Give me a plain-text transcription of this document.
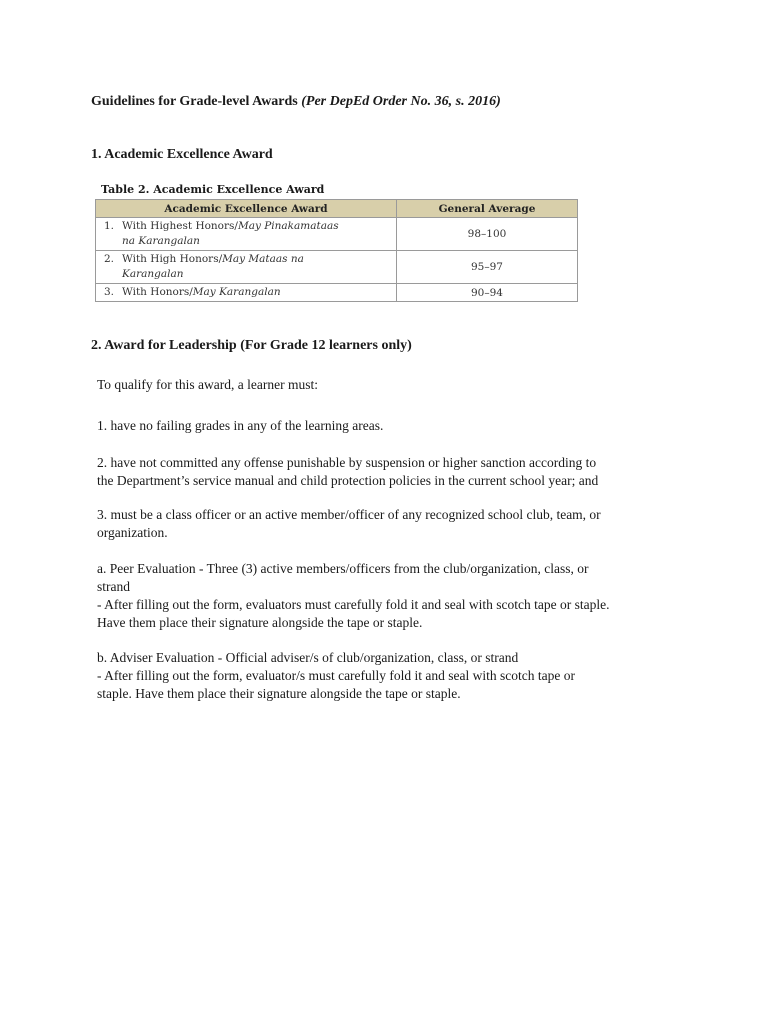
Guidelines for Grade-level Awards (Per DepEd Order No. 36, s. 2016)
1. Academic Excellence Award
Table 2. Academic Excellence Award
Academic Excellence Award	General Average
1. With Highest Honors/May Pinakamataas
na Karangalan	98–100
2. With High Honors/May Mataas na
Karangalan	95–97
3. With Honors/May Karangalan	90–94
2. Award for Leadership (For Grade 12 learners only)
To qualify for this award, a learner must:
1. have no failing grades in any of the learning areas.
2. have not committed any offense punishable by suspension or higher sanction according to
the Department’s service manual and child protection policies in the current school year; and
3. must be a class officer or an active member/officer of any recognized school club, team, or
organization.
a. Peer Evaluation - Three (3) active members/officers from the club/organization, class, or
strand
- After filling out the form, evaluators must carefully fold it and seal with scotch tape or staple.
Have them place their signature alongside the tape or staple.
b. Adviser Evaluation - Official adviser/s of club/organization, class, or strand
- After filling out the form, evaluator/s must carefully fold it and seal with scotch tape or
staple. Have them place their signature alongside the tape or staple.
